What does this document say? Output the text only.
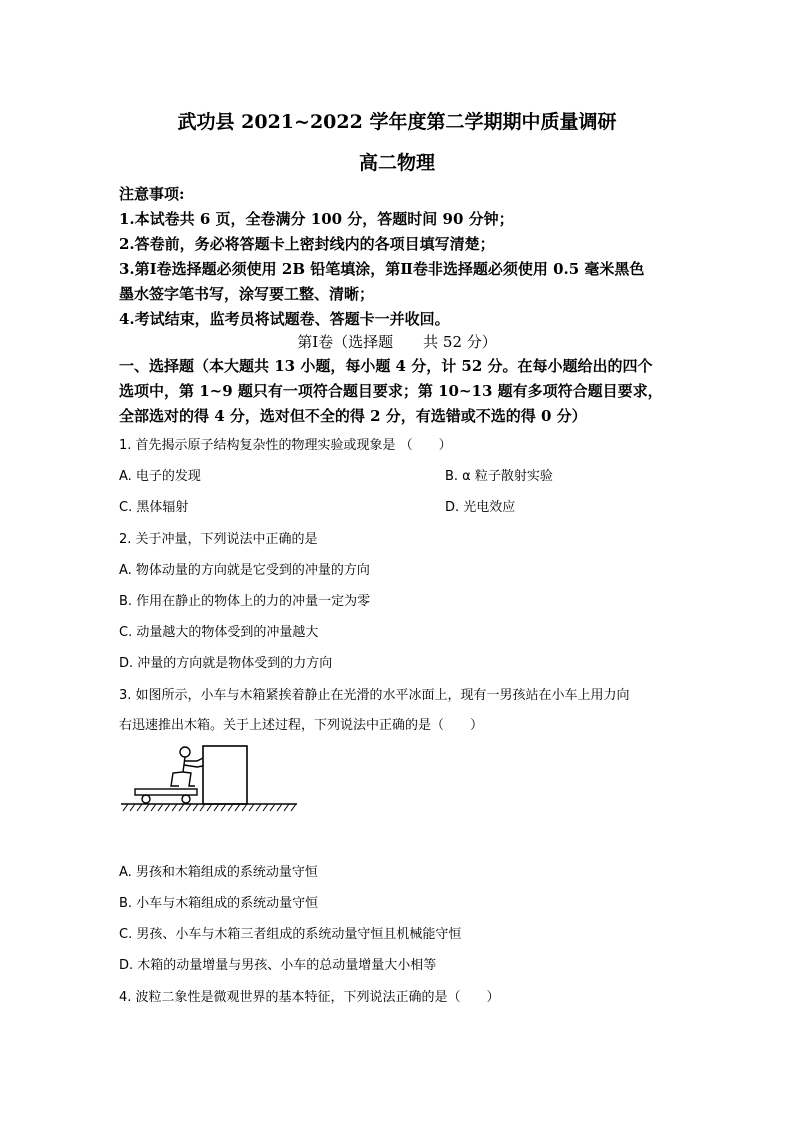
武功县 2021~2022 学年度第二学期期中质量调研
高二物理
注意事项:
1.本试卷共 6 页，全卷满分 100 分，答题时间 90 分钟；
2.答卷前，务必将答题卡上密封线内的各项目填写清楚；
3.第Ⅰ卷选择题必须使用 2B 铅笔填涂，第Ⅱ卷非选择题必须使用 0.5 毫米黑色
墨水签字笔书写，涂写要工整、清晰；
4.考试结束，监考员将试题卷、答题卡一并收回。
第Ⅰ卷（选择题　　共 52 分）
一、选择题（本大题共 13 小题，每小题 4 分，计 52 分。在每小题给出的四个
选项中，第 1~9 题只有一项符合题目要求；第 10~13 题有多项符合题目要求，
全部选对的得 4 分，选对但不全的得 2 分，有选错或不选的得 0 分）
1. 首先揭示原子结构复杂性的物理实验或现象是 （　　）
A. 电子的发现	B. α 粒子散射实验
C. 黑体辐射	D. 光电效应
2. 关于冲量，下列说法中正确的是
A. 物体动量的方向就是它受到的冲量的方向
B. 作用在静止的物体上的力的冲量一定为零
C. 动量越大的物体受到的冲量越大
D. 冲量的方向就是物体受到的力方向
3. 如图所示，小车与木箱紧挨着静止在光滑的水平冰面上，现有一男孩站在小车上用力向
右迅速推出木箱。关于上述过程，下列说法中正确的是（　　）
A. 男孩和木箱组成的系统动量守恒
B. 小车与木箱组成的系统动量守恒
C. 男孩、小车与木箱三者组成的系统动量守恒且机械能守恒
D. 木箱的动量增量与男孩、小车的总动量增量大小相等
4. 波粒二象性是微观世界的基本特征，下列说法正确的是（　　）
